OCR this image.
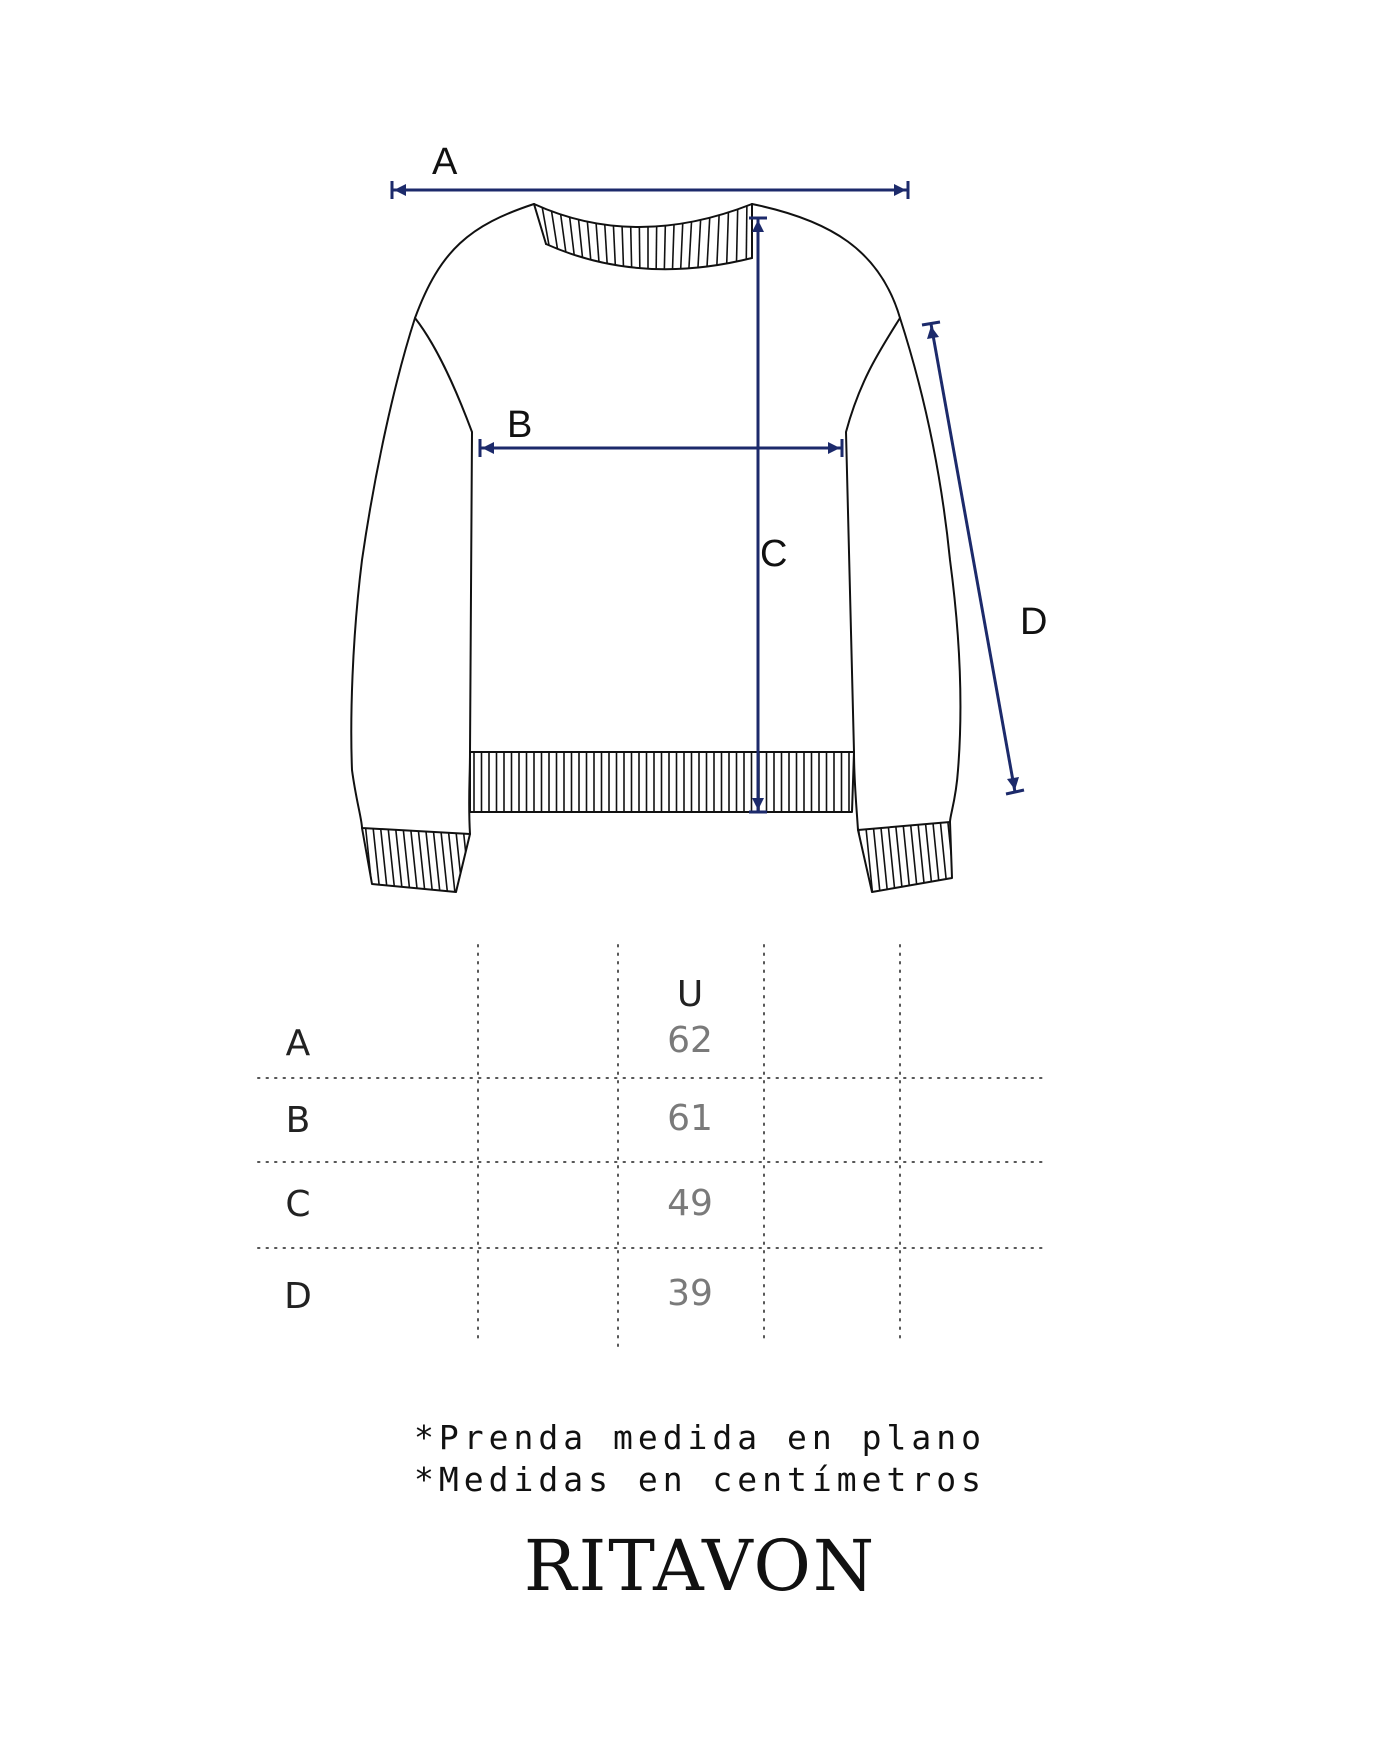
A
B
C
D
U
A	62
B	61
C	49
D	39
*Prenda medida en plano
*Medidas en centímetros
RITAVON
